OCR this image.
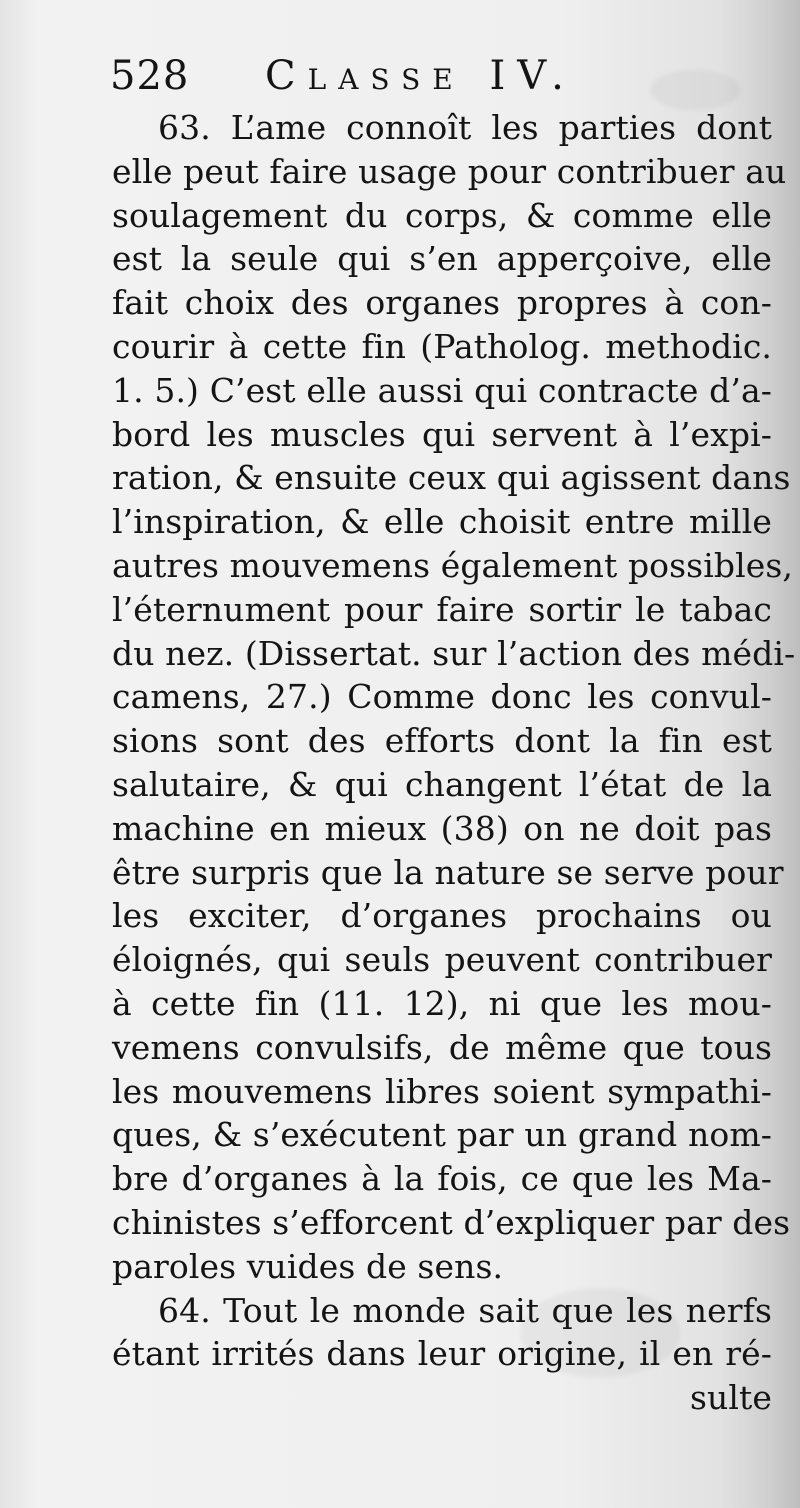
528 Classe IV.
63. L’ame connoît les parties dont
elle peut faire usage pour contribuer au
soulagement du corps, & comme elle
est la seule qui s’en apperçoive, elle
fait choix des organes propres à con-
courir à cette fin (Patholog. methodic.
1. 5.) C’est elle aussi qui contracte d’a-
bord les muscles qui servent à l’expi-
ration, & ensuite ceux qui agissent dans
l’inspiration, & elle choisit entre mille
autres mouvemens également possibles,
l’éternument pour faire sortir le tabac
du nez. (Dissertat. sur l’action des médi-
camens, 27.) Comme donc les convul-
sions sont des efforts dont la fin est
salutaire, & qui changent l’état de la
machine en mieux (38) on ne doit pas
être surpris que la nature se serve pour
les exciter, d’organes prochains ou
éloignés, qui seuls peuvent contribuer
à cette fin (11. 12), ni que les mou-
vemens convulsifs, de même que tous
les mouvemens libres soient sympathi-
ques, & s’exécutent par un grand nom-
bre d’organes à la fois, ce que les Ma-
chinistes s’efforcent d’expliquer par des
paroles vuides de sens.
64. Tout le monde sait que les nerfs
étant irrités dans leur origine, il en ré-
sulte
